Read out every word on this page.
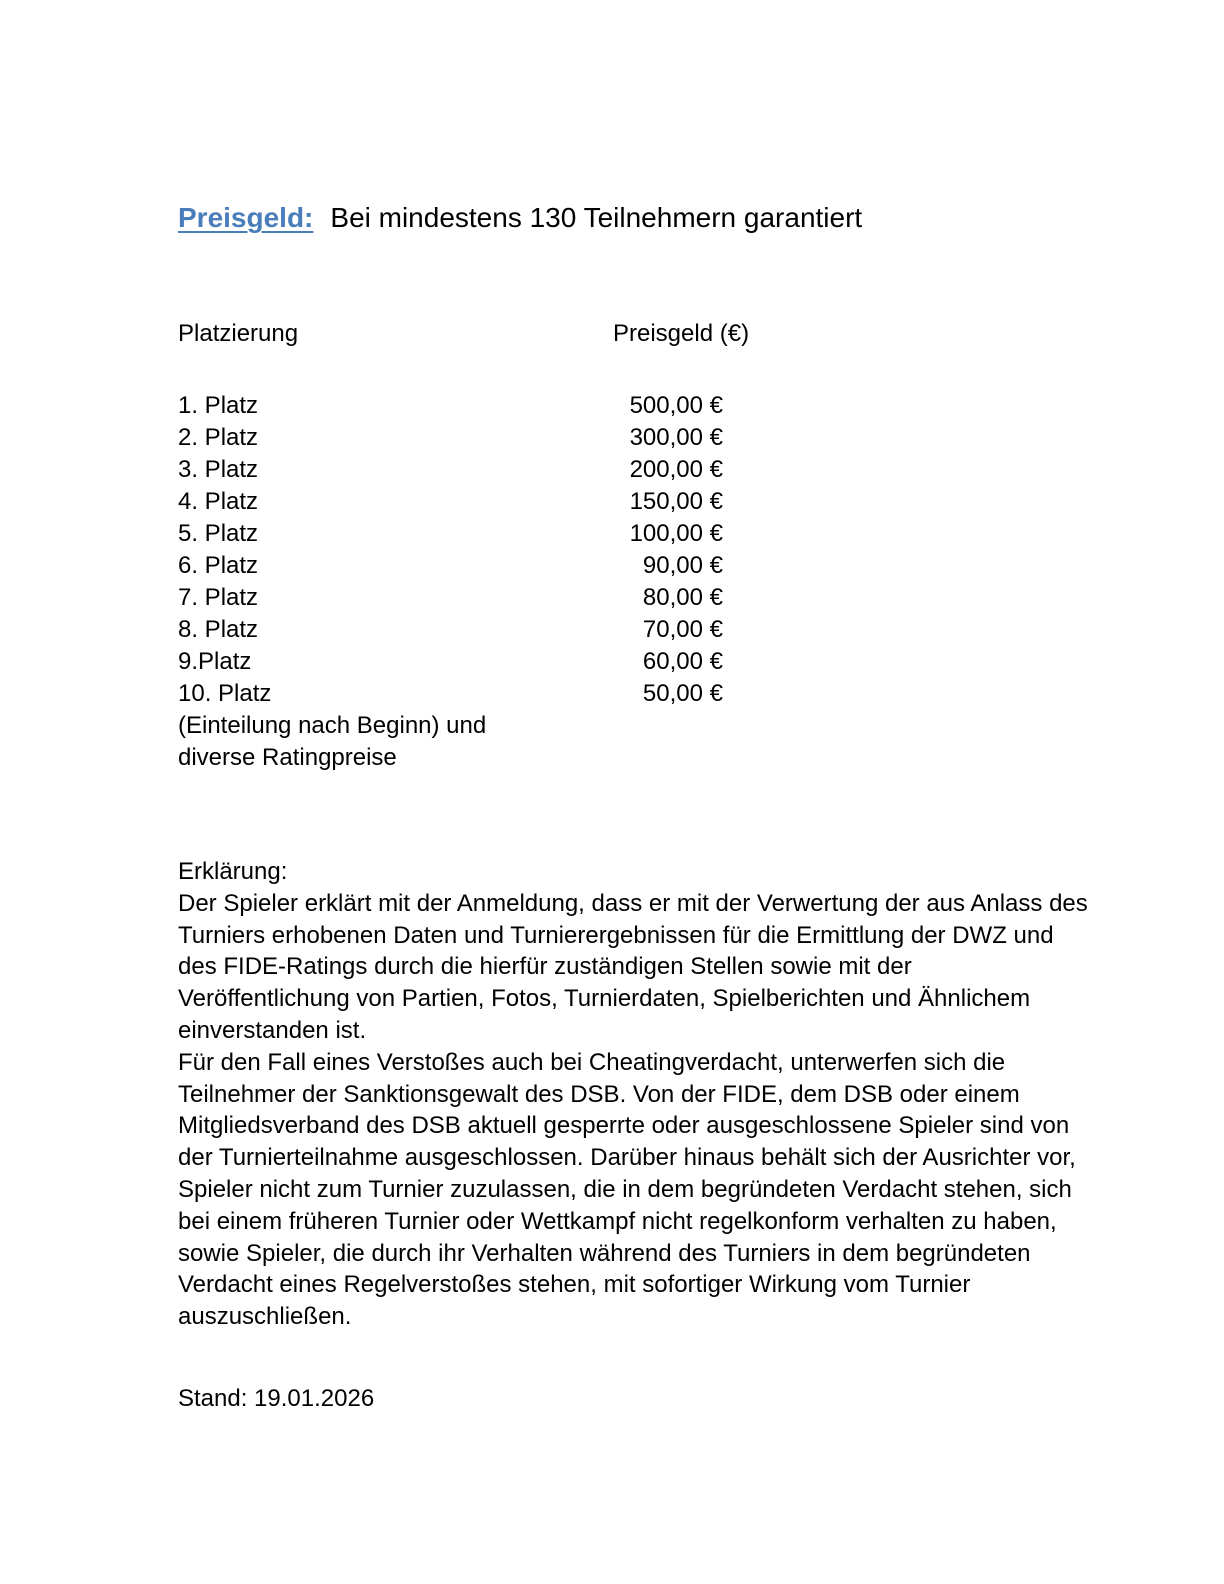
Preisgeld: Bei mindestens 130 Teilnehmern garantiert
Platzierung	Preisgeld (€)
1. Platz	500,00 €
2. Platz	300,00 €
3. Platz	200,00 €
4. Platz	150,00 €
5. Platz	100,00 €
6. Platz	90,00 €
7. Platz	80,00 €
8. Platz	70,00 €
9.Platz	60,00 €
10. Platz	50,00 €
(Einteilung nach Beginn) und
diverse Ratingpreise

Erklärung:

Der Spieler erklärt mit der Anmeldung, dass er mit der Verwertung der aus Anlass des Turniers erhobenen Daten und Turnierergebnissen für die Ermittlung der DWZ und des FIDE-Ratings durch die hierfür zuständigen Stellen sowie mit der Veröffentlichung von Partien, Fotos, Turnierdaten, Spielberichten und Ähnlichem einverstanden ist.

Für den Fall eines Verstoßes auch bei Cheatingverdacht, unterwerfen sich die Teilnehmer der Sanktionsgewalt des DSB. Von der FIDE, dem DSB oder einem Mitgliedsverband des DSB aktuell gesperrte oder ausgeschlossene Spieler sind von der Turnierteilnahme ausgeschlossen. Darüber hinaus behält sich der Ausrichter vor, Spieler nicht zum Turnier zuzulassen, die in dem begründeten Verdacht stehen, sich bei einem früheren Turnier oder Wettkampf nicht regelkonform verhalten zu haben, sowie Spieler, die durch ihr Verhalten während des Turniers in dem begründeten Verdacht eines Regelverstoßes stehen, mit sofortiger Wirkung vom Turnier auszuschließen.

Stand: 19.01.2026
